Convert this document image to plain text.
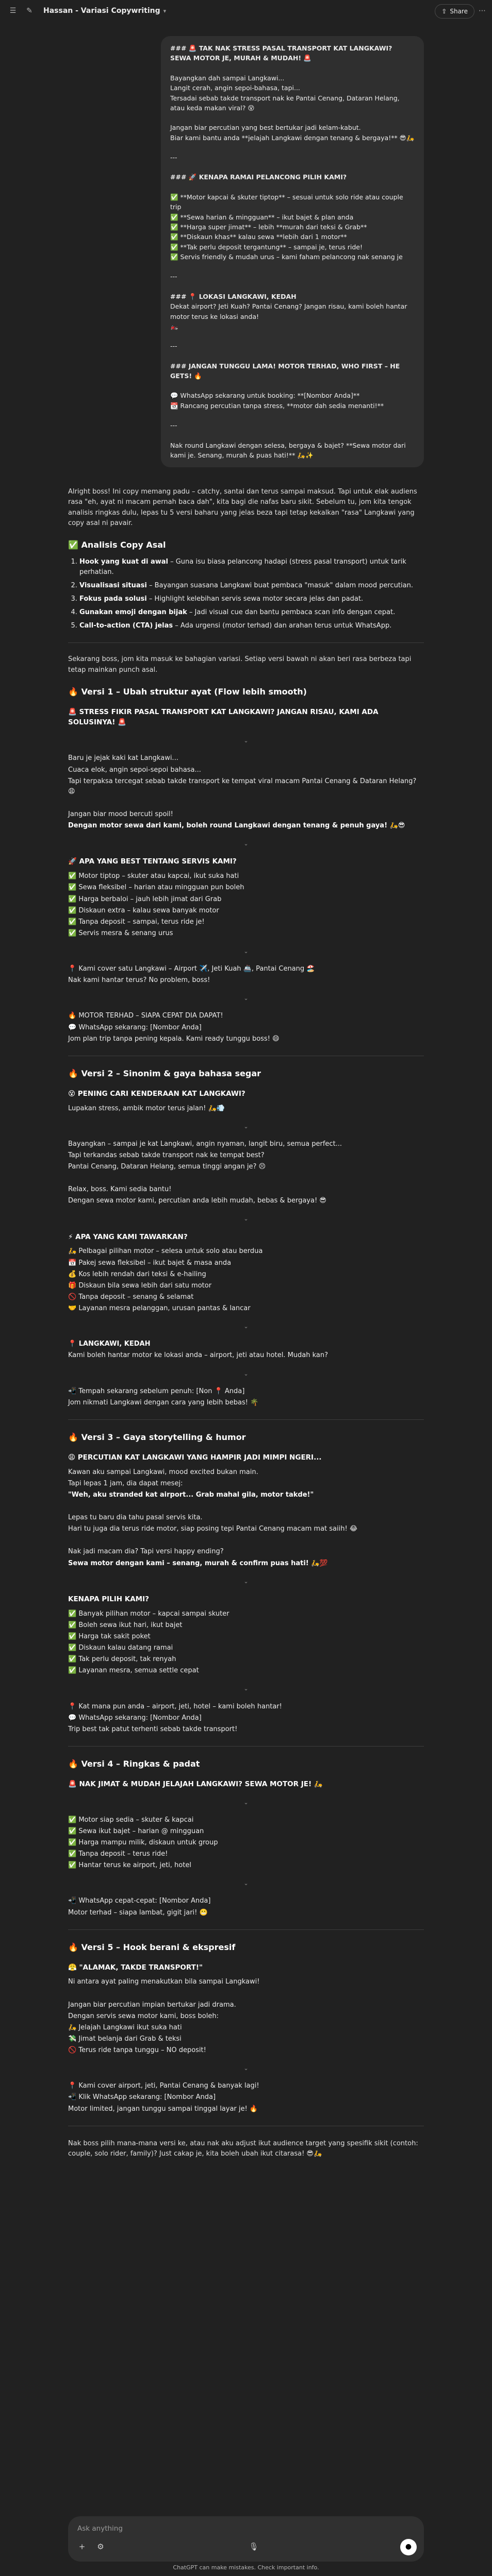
☰	✎	Hassan - Variasi Copywriting ▾	⇪ Share ⋯
### 🚨 TAK NAK STRESS PASAL TRANSPORT KAT LANGKAWI? SEWA MOTOR JE, MURAH & MUDAH! 🚨
Bayangkan dah sampai Langkawi...
Langit cerah, angin sepoi-bahasa, tapi...
Tersadai sebab takde transport nak ke Pantai Cenang, Dataran Helang, atau keda makan viral? 😵
Jangan biar percutian yang best bertukar jadi kelam-kabut.
Biar kami bantu anda **jelajah Langkawi dengan tenang & bergaya!** 😎🛵
---
### 🚀 KENAPA RAMAI PELANCONG PILIH KAMI?
✅ **Motor kapcai & skuter tiptop** – sesuai untuk solo ride atau couple trip
✅ **Sewa harian & mingguan** – ikut bajet & plan anda
✅ **Harga super jimat** – lebih **murah dari teksi & Grab**
✅ **Diskaun khas** kalau sewa **lebih dari 1 motor**
✅ **Tak perlu deposit tergantung** – sampai je, terus ride!
✅ Servis friendly & mudah urus – kami faham pelancong nak senang je
---
### 📍 LOKASI LANGKAWI, KEDAH
Dekat airport? Jeti Kuah? Pantai Cenang? Jangan risau, kami boleh hantar motor terus ke lokasi anda!
🏍️
---
### JANGAN TUNGGU LAMA! MOTOR TERHAD, WHO FIRST – HE GETS! 🔥
💬 WhatsApp sekarang untuk booking: **[Nombor Anda]**
📆 Rancang percutian tanpa stress, **motor dah sedia menanti!**
---
Nak round Langkawi dengan selesa, bergaya & bajet? **Sewa motor dari kami je. Senang, murah & puas hati!** 🛵✨

Alright boss! Ini copy memang padu – catchy, santai dan terus sampai maksud. Tapi untuk elak audiens rasa "eh, ayat ni macam pernah baca dah", kita bagi die nafas baru sikit. Sebelum tu, jom kita tengok analisis ringkas dulu, lepas tu 5 versi baharu yang jelas beza tapi tetap kekalkan "rasa" Langkawi yang copy asal ni pavair.

✅ Analisis Copy Asal
1. Hook yang kuat di awal – Guna isu biasa pelancong hadapi (stress pasal transport) untuk tarik perhatian.
2. Visualisasi situasi – Bayangan suasana Langkawi buat pembaca "masuk" dalam mood percutian.
3. Fokus pada solusi – Highlight kelebihan servis sewa motor secara jelas dan padat.
4. Gunakan emoji dengan bijak – Jadi visual cue dan bantu pembaca scan info dengan cepat.
5. Call-to-action (CTA) jelas – Ada urgensi (motor terhad) dan arahan terus untuk WhatsApp.

Sekarang boss, jom kita masuk ke bahagian variasi. Setiap versi bawah ni akan beri rasa berbeza tapi tetap mainkan punch asal.

🔥 Versi 1 – Ubah struktur ayat (Flow lebih smooth)
🚨 STRESS FIKIR PASAL TRANSPORT KAT LANGKAWI? JANGAN RISAU, KAMI ADA SOLUSINYA! 🚨
⌄
Baru je jejak kaki kat Langkawi...
Cuaca elok, angin sepoi-sepoi bahasa...
Tapi terpaksa tercegat sebab takde transport ke tempat viral macam Pantai Cenang & Dataran Helang? 😩
Jangan biar mood bercuti spoil!
Dengan motor sewa dari kami, boleh round Langkawi dengan tenang & penuh gaya! 🛵😎
⌄
🚀 APA YANG BEST TENTANG SERVIS KAMI?
✅ Motor tiptop – skuter atau kapcai, ikut suka hati
✅ Sewa fleksibel – harian atau mingguan pun boleh
✅ Harga berbaloi – jauh lebih jimat dari Grab
✅ Diskaun extra – kalau sewa banyak motor
✅ Tanpa deposit – sampai, terus ride je!
✅ Servis mesra & senang urus
⌄
📍 Kami cover satu Langkawi – Airport ✈️, Jeti Kuah 🚢, Pantai Cenang 🏖️
Nak kami hantar terus? No problem, boss!
⌄
🔥 MOTOR TERHAD – SIAPA CEPAT DIA DAPAT!
💬 WhatsApp sekarang: [Nombor Anda]
Jom plan trip tanpa pening kepala. Kami ready tunggu boss! 😄
🔥 Versi 2 – Sinonim & gaya bahasa segar
😵 PENING CARI KENDERAAN KAT LANGKAWI?
Lupakan stress, ambik motor terus jalan! 🛵💨
⌄
Bayangkan – sampai je kat Langkawi, angin nyaman, langit biru, semua perfect...
Tapi terkandas sebab takde transport nak ke tempat best?
Pantai Cenang, Dataran Helang, semua tinggi angan je? 😣
Relax, boss. Kami sedia bantu!
Dengan sewa motor kami, percutian anda lebih mudah, bebas & bergaya! 😎
⌄
⚡ APA YANG KAMI TAWARKAN?
🛵 Pelbagai pilihan motor – selesa untuk solo atau berdua
📅 Pakej sewa fleksibel – ikut bajet & masa anda
💰 Kos lebih rendah dari teksi & e-hailing
🎁 Diskaun bila sewa lebih dari satu motor
🚫 Tanpa deposit – senang & selamat
🤝 Layanan mesra pelanggan, urusan pantas & lancar
⌄
📍 LANGKAWI, KEDAH
Kami boleh hantar motor ke lokasi anda – airport, jeti atau hotel. Mudah kan?
⌄
📲 Tempah sekarang sebelum penuh: [Non 📍 Anda]
Jom nikmati Langkawi dengan cara yang lebih bebas! 🌴
🔥 Versi 3 – Gaya storytelling & humor
😩 PERCUTIAN KAT LANGKAWI YANG HAMPIR JADI MIMPI NGERI...
Kawan aku sampai Langkawi, mood excited bukan main.
Tapi lepas 1 jam, dia dapat mesej:
"Weh, aku stranded kat airport... Grab mahal gila, motor takde!"
Lepas tu baru dia tahu pasal servis kita.
Hari tu juga dia terus ride motor, siap posing tepi Pantai Cenang macam mat saiih! 😂
Nak jadi macam dia? Tapi versi happy ending?
Sewa motor dengan kami – senang, murah & confirm puas hati! 🛵💯
⌄
KENAPA PILIH KAMI?
✅ Banyak pilihan motor – kapcai sampai skuter
✅ Boleh sewa ikut hari, ikut bajet
✅ Harga tak sakit poket
✅ Diskaun kalau datang ramai
✅ Tak perlu deposit, tak renyah
✅ Layanan mesra, semua settle cepat
⌄
📍 Kat mana pun anda – airport, jeti, hotel – kami boleh hantar!
💬 WhatsApp sekarang: [Nombor Anda]
Trip best tak patut terhenti sebab takde transport!
🔥 Versi 4 – Ringkas & padat
🚨 NAK JIMAT & MUDAH JELAJAH LANGKAWI? SEWA MOTOR JE! 🛵
⌄
✅ Motor siap sedia – skuter & kapcai
✅ Sewa ikut bajet – harian @ mingguan
✅ Harga mampu milik, diskaun untuk group
✅ Tanpa deposit – terus ride!
✅ Hantar terus ke airport, jeti, hotel
⌄
📲 WhatsApp cepat-cepat: [Nombor Anda]
Motor terhad – siapa lambat, gigit jari! 😬
🔥 Versi 5 – Hook berani & ekspresif
😤 "ALAMAK, TAKDE TRANSPORT!"
Ni antara ayat paling menakutkan bila sampai Langkawi!
Jangan biar percutian impian bertukar jadi drama.
Dengan servis sewa motor kami, boss boleh:
🛵 Jelajah Langkawi ikut suka hati
💸 Jimat belanja dari Grab & teksi
🚫 Terus ride tanpa tunggu – NO deposit!
⌄
📍 Kami cover airport, jeti, Pantai Cenang & banyak lagi!
📲 Klik WhatsApp sekarang: [Nombor Anda]
Motor limited, jangan tunggu sampai tinggal layar je! 🔥

Nak boss pilih mana-mana versi ke, atau nak aku adjust ikut audience target yang spesifik sikit (contoh: couple, solo rider, family)? Just cakap je, kita boleh ubah ikut citarasa! 😎🛵

Ask anything
+	⚙	🎙	●
ChatGPT can make mistakes. Check important info.
